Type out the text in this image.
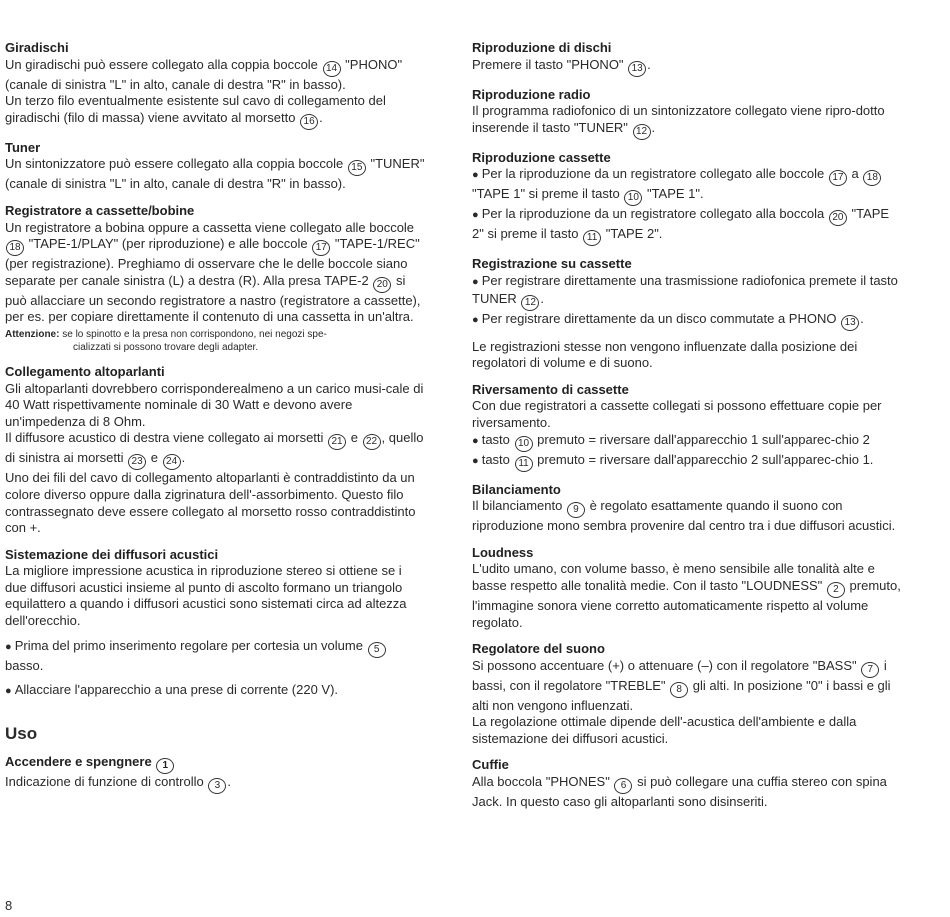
Giradischi

Un giradischi può essere collegato alla coppia boccole 14 "PHONO" (canale di sinistra "L" in alto, canale di destra "R" in basso).

Un terzo filo eventualmente esistente sul cavo di collegamento del giradischi (filo di massa) viene avvitato al morsetto 16 .

Tuner

Un sintonizzatore può essere collegato alla coppia boccole 15 "TUNER" (canale di sinistra "L" in alto, canale di destra "R" in basso).

Registratore a cassette/bobine

Un registratore a bobina oppure a cassetta viene collegato alle boccole 18 "TAPE-1/PLAY" (per riproduzione) e alle boccole 17 "TAPE-1/REC" (per registrazione). Preghiamo di osservare che le delle boccole siano separate per canale sinistra (L) a destra (R). Alla presa TAPE-2 20 si può allacciare un secondo registratore a nastro (registratore a cassette), per es. per copiare direttamente il contenuto di una cassetta in un'altra.

Attenzione: se lo spinotto e la presa non corrispondono, nei negozi spe-
cializzati si possono trovare degli adapter.
Collegamento altoparlanti

Gli altoparlanti dovrebbero corrisponderealmeno a un carico musi-cale di 40 Watt rispettivamente nominale di 30 Watt e devono avere un'impedenza di 8 Ohm.

Il diffusore acustico di destra viene collegato ai morsetti 21 e 22 , quello di sinistra ai morsetti 23 e 24 .

Uno dei fili del cavo di collegamento altoparlanti è contraddistinto da un colore diverso oppure dalla zigrinatura dell'-assorbimento. Questo filo contrassegnato deve essere collegato al morsetto rosso contraddistinto con +.

Sistemazione dei diffusori acustici

La migliore impressione acustica in riproduzione stereo si ottiene se i due diffusori acustici insieme al punto di ascolto formano un triangolo equilattero a quando i diffusori acustici sono sistemati circa ad altezza dell'orecchio.

● Prima del primo inserimento regolare per cortesia un volume 5 basso.

● Allacciare l'apparecchio a una prese di corrente (220 V).

Uso
Accendere e spengnere 1

Indicazione di funzione di controllo 3 .

Riproduzione di dischi

Premere il tasto "PHONO" 13 .

Riproduzione radio

Il programma radiofonico di un sintonizzatore collegato viene ripro-dotto inserende il tasto "TUNER" 12 .

Riproduzione cassette

● Per la riproduzione da un registratore collegato alle boccole 17 a 18 "TAPE 1" si preme il tasto 10 "TAPE 1".

● Per la riproduzione da un registratore collegato alla boccola 20 "TAPE 2" si preme il tasto 11 "TAPE 2".

Registrazione su cassette

● Per registrare direttamente una trasmissione radiofonica premete il tasto TUNER 12 .

● Per registrare direttamente da un disco commutate a PHONO 13 .

Le registrazioni stesse non vengono influenzate dalla posizione dei regolatori di volume e di suono.

Riversamento di cassette

Con due registratori a cassette collegati si possono effettuare copie per riversamento.

● tasto 10 premuto = riversare dall'apparecchio 1 sull'apparec-chio 2

● tasto 11 premuto = riversare dall'apparecchio 2 sull'apparec-chio 1.

Bilanciamento

Il bilanciamento 9 è regolato esattamente quando il suono con riproduzione mono sembra provenire dal centro tra i due diffusori acustici.

Loudness

L'udito umano, con volume basso, è meno sensibile alle tonalità alte e basse respetto alle tonalità medie. Con il tasto "LOUDNESS" 2 premuto, l'immagine sonora viene corretto automaticamente rispetto al volume regolato.

Regolatore del suono

Si possono accentuare (+) o attenuare (–) con il regolatore "BASS" 7 i bassi, con il regolatore "TREBLE" 8 gli alti. In posizione "0" i bassi e gli alti non vengono influenzati.

La regolazione ottimale dipende dell'-acustica dell'ambiente e dalla sistemazione dei diffusori acustici.

Cuffie

Alla boccola "PHONES" 6 si può collegare una cuffia stereo con spina Jack. In questo caso gli altoparlanti sono disinseriti.

8
